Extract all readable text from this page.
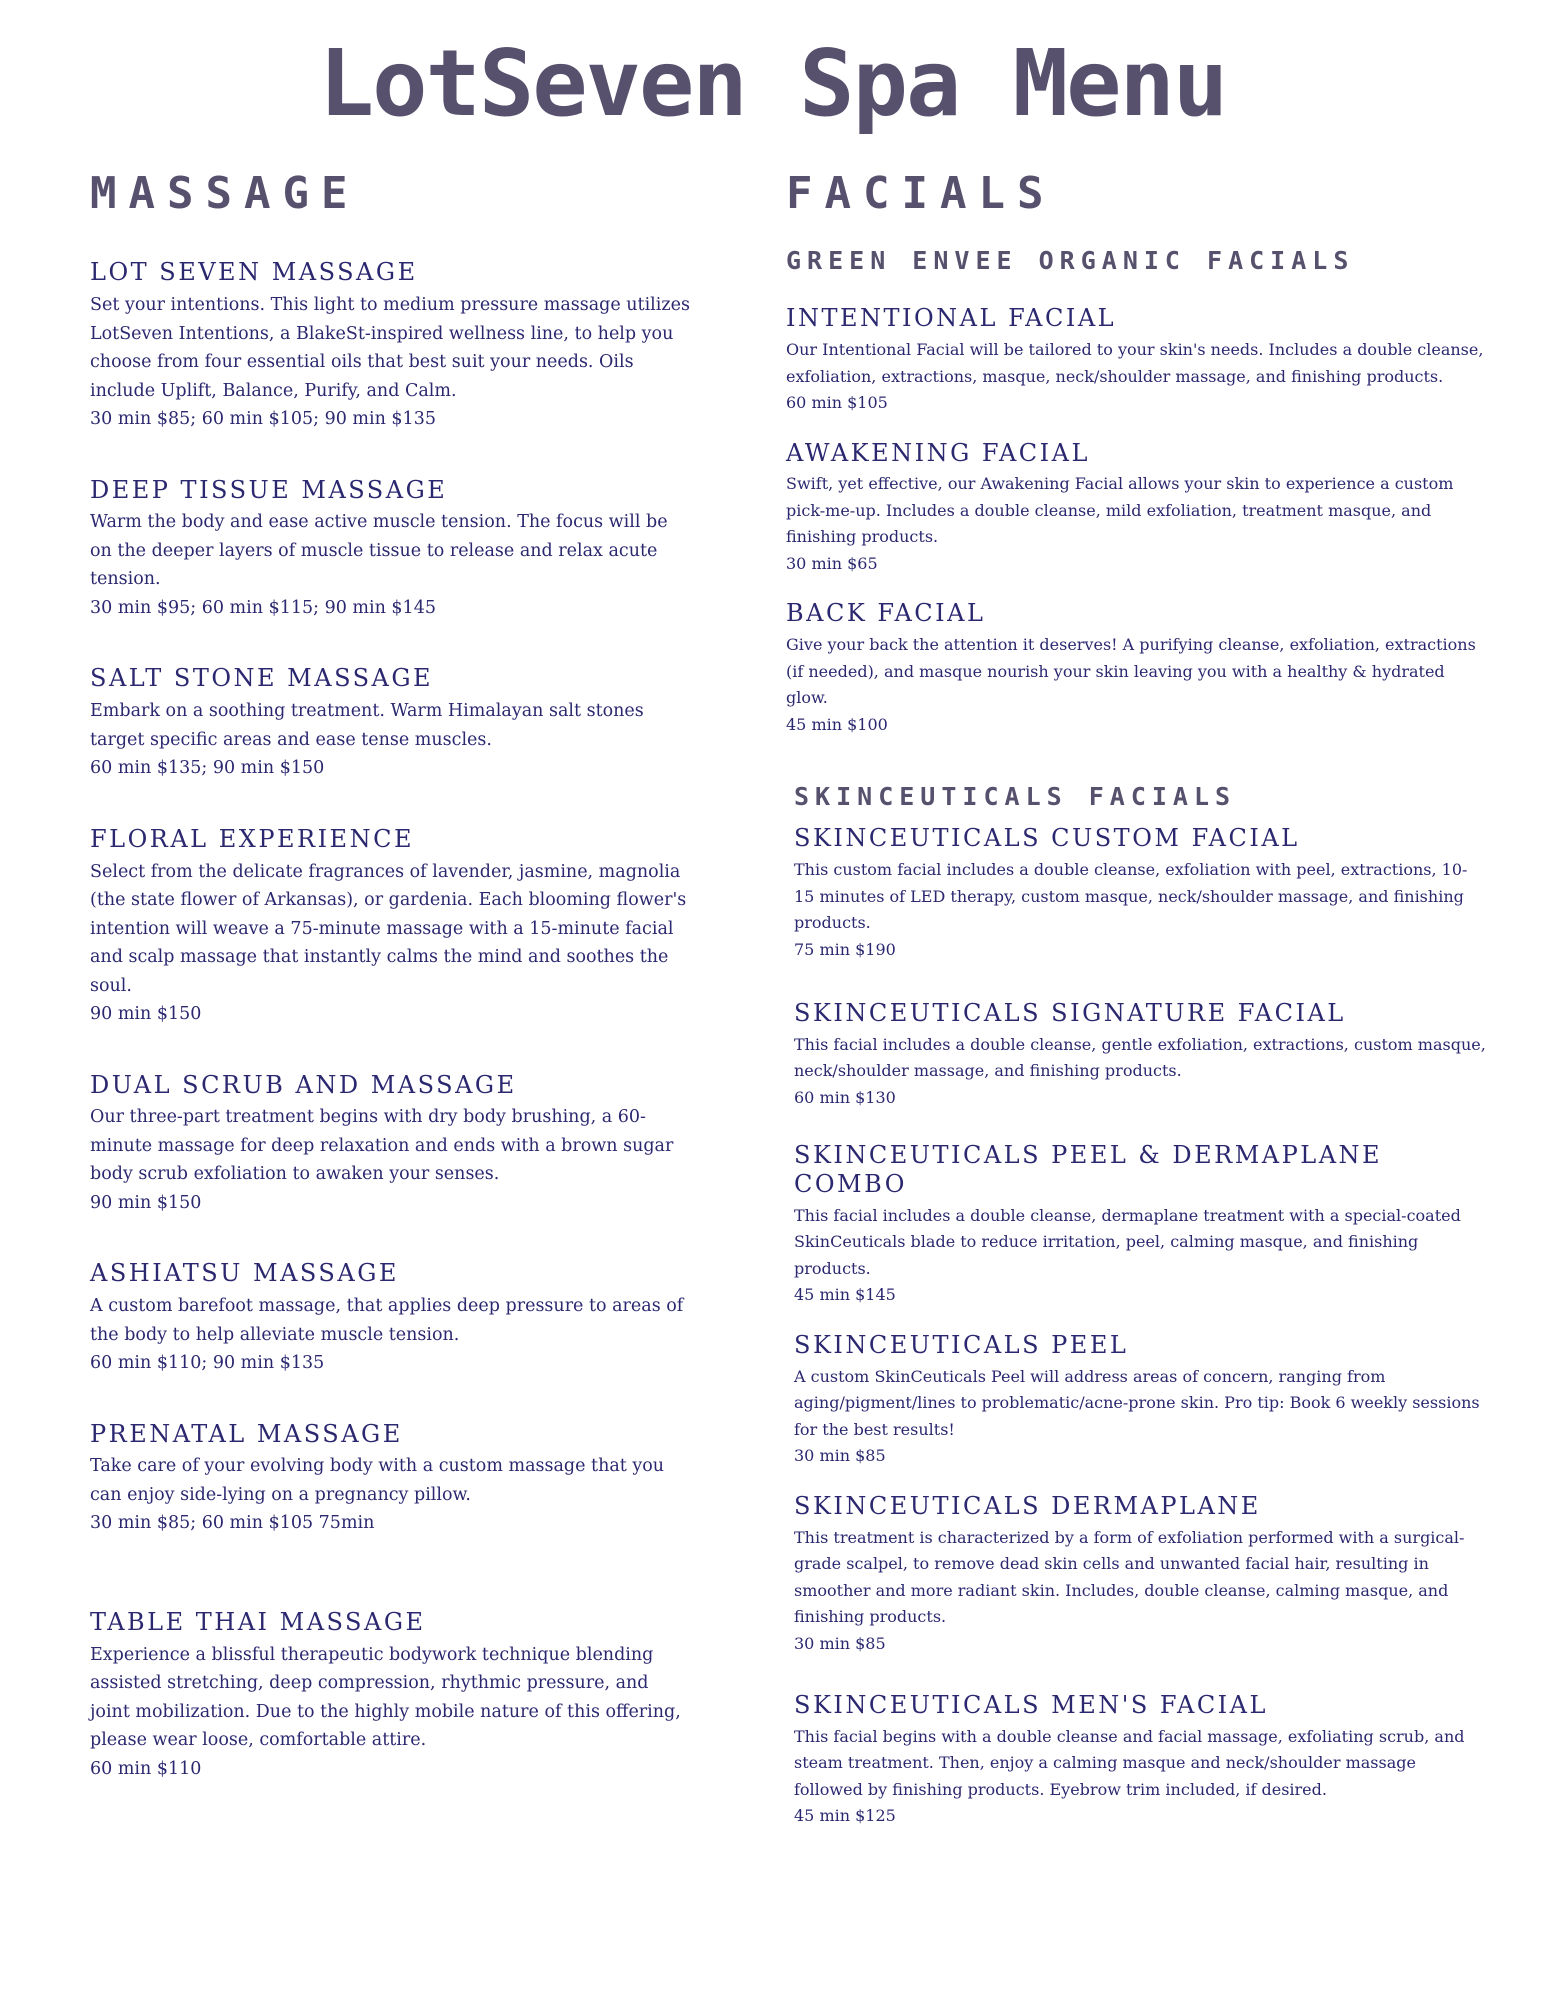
LotSeven Spa Menu
MASSAGE
LOT SEVEN MASSAGE

Set your intentions. This light to medium pressure massage utilizes LotSeven Intentions, a BlakeSt-inspired wellness line, to help you choose from four essential oils that best suit your needs. Oils include Uplift, Balance, Purify, and Calm.

30 min $85; 60 min $105; 90 min $135

DEEP TISSUE MASSAGE

Warm the body and ease active muscle tension. The focus will be on the deeper layers of muscle tissue to release and relax acute tension.

30 min $95; 60 min $115; 90 min $145

SALT STONE MASSAGE

Embark on a soothing treatment. Warm Himalayan salt stones target specific areas and ease tense muscles.

60 min $135; 90 min $150

FLORAL EXPERIENCE

Select from the delicate fragrances of lavender, jasmine, magnolia (the state flower of Arkansas), or gardenia. Each blooming flower's intention will weave a 75-minute massage with a 15-minute facial and scalp massage that instantly calms the mind and soothes the soul.

90 min $150

DUAL SCRUB AND MASSAGE

Our three-part treatment begins with dry body brushing, a 60-minute massage for deep relaxation and ends with a brown sugar body scrub exfoliation to awaken your senses.

90 min $150

ASHIATSU MASSAGE

A custom barefoot massage, that applies deep pressure to areas of the body to help alleviate muscle tension.

60 min $110; 90 min $135

PRENATAL MASSAGE

Take care of your evolving body with a custom massage that you can enjoy side-lying on a pregnancy pillow.

30 min $85; 60 min $105 75min

TABLE THAI MASSAGE

Experience a blissful therapeutic bodywork technique blending assisted stretching, deep compression, rhythmic pressure, and joint mobilization. Due to the highly mobile nature of this offering, please wear loose, comfortable attire.

60 min $110

FACIALS
GREEN ENVEE ORGANIC FACIALS
INTENTIONAL FACIAL

Our Intentional Facial will be tailored to your skin's needs. Includes a double cleanse, exfoliation, extractions, masque, neck/shoulder massage, and finishing products.

60 min $105

AWAKENING FACIAL

Swift, yet effective, our Awakening Facial allows your skin to experience a custom pick-me-up. Includes a double cleanse, mild exfoliation, treatment masque, and finishing products.

30 min $65

BACK FACIAL

Give your back the attention it deserves! A purifying cleanse, exfoliation, extractions (if needed), and masque nourish your skin leaving you with a healthy & hydrated glow.

45 min $100

SKINCEUTICALS FACIALS
SKINCEUTICALS CUSTOM FACIAL

This custom facial includes a double cleanse, exfoliation with peel, extractions, 10-15 minutes of LED therapy, custom masque, neck/shoulder massage, and finishing products.

75 min $190

SKINCEUTICALS SIGNATURE FACIAL

This facial includes a double cleanse, gentle exfoliation, extractions, custom masque, neck/shoulder massage, and finishing products.

60 min $130

SKINCEUTICALS PEEL & DERMAPLANE COMBO

This facial includes a double cleanse, dermaplane treatment with a special-coated SkinCeuticals blade to reduce irritation, peel, calming masque, and finishing products.

45 min $145

SKINCEUTICALS PEEL

A custom SkinCeuticals Peel will address areas of concern, ranging from aging/pigment/lines to problematic/acne-prone skin. Pro tip: Book 6 weekly sessions for the best results!

30 min $85

SKINCEUTICALS DERMAPLANE

This treatment is characterized by a form of exfoliation performed with a surgical-grade scalpel, to remove dead skin cells and unwanted facial hair, resulting in smoother and more radiant skin. Includes, double cleanse, calming masque, and finishing products.

30 min $85

SKINCEUTICALS MEN'S FACIAL

This facial begins with a double cleanse and facial massage, exfoliating scrub, and steam treatment. Then, enjoy a calming masque and neck/shoulder massage followed by finishing products. Eyebrow trim included, if desired.

45 min $125
